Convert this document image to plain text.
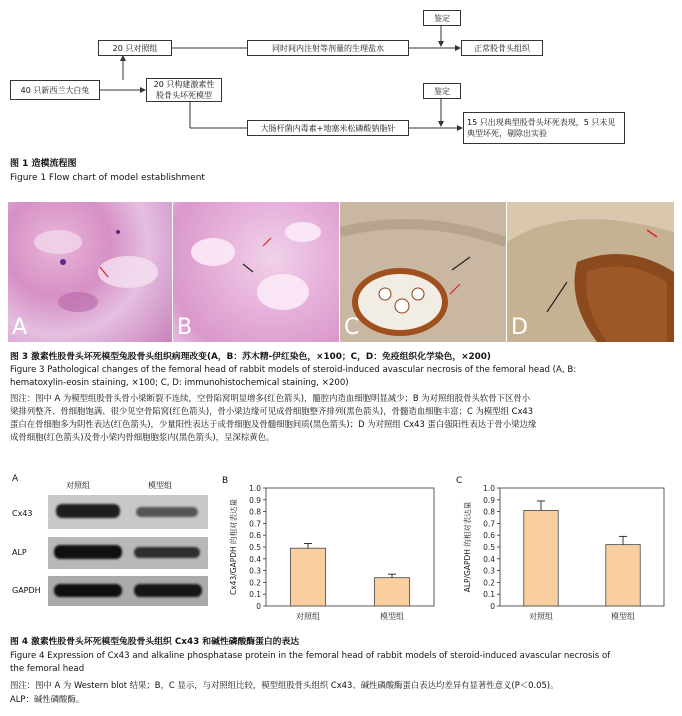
40 只新西兰大白兔
20 只对照组
20 只构建激素性股骨头坏死模型
同时间内注射等剂量的生理盐水
鉴定
正常股骨头组织
大肠杆菌内毒素+地塞米松磷酸钠脂针
鉴定
15 只出现典型股骨头坏死表现，5 只未见典型坏死，剔除出实验
图 1 造模流程图
Figure 1 Flow chart of model establishment
A	B	C	D
图 3 激素性股骨头坏死模型兔股骨头组织病理改变(A，B：苏木精-伊红染色，×100；C，D：免疫组织化学染色，×200)
Figure 3 Pathological changes of the femoral head of rabbit models of steroid-induced avascular necrosis of the femoral head (A, B:
hematoxylin-eosin staining, ×100; C, D: immunohistochemical staining, ×200)
图注：图中 A 为模型组股骨头骨小梁断裂不连续，空骨陷窝明显增多(红色箭头)，髓腔内造血细胞明显减少；B 为对照组股骨头软骨下区骨小
梁排列整齐、骨细胞饱满、很少见空骨陷窝(红色箭头)，骨小梁边缘可见成骨细胞整齐排列(黑色箭头)，骨髓造血细胞丰富；C 为模型组 Cx43
蛋白在骨细胞多为阴性表达(红色箭头)，少量阳性表达于成骨细胞及骨髓细胞间质(黑色箭头)；D 为对照组 Cx43 蛋白强阳性表达于骨小梁边缘
成骨细胞(红色箭头)及骨小梁内骨细胞胞浆内(黑色箭头)，呈深棕黄色。
A
对照组	模型组
Cx43
ALP
GAPDH
B
0
0.1
0.2
0.3
0.4
0.5
0.6
0.7
0.8
0.9
1.0
Cx43/GAPDH 的相对表达量
对照组	模型组
C
0
0.1
0.2
0.3
0.4
0.5
0.6
0.7
0.8
0.9
1.0
ALP/GAPDH 的相对表达量
对照组	模型组
图 4 激素性股骨头坏死模型兔股骨头组织 Cx43 和碱性磷酸酶蛋白的表达
Figure 4 Expression of Cx43 and alkaline phosphatase protein in the femoral head of rabbit models of steroid-induced avascular necrosis of
the femoral head
图注：图中 A 为 Western blot 结果；B，C 显示，与对照组比较，模型组股骨头组织 Cx43、碱性磷酸酶蛋白表达均差异有显著性意义(P＜0.05)。
ALP：碱性磷酸酶。
